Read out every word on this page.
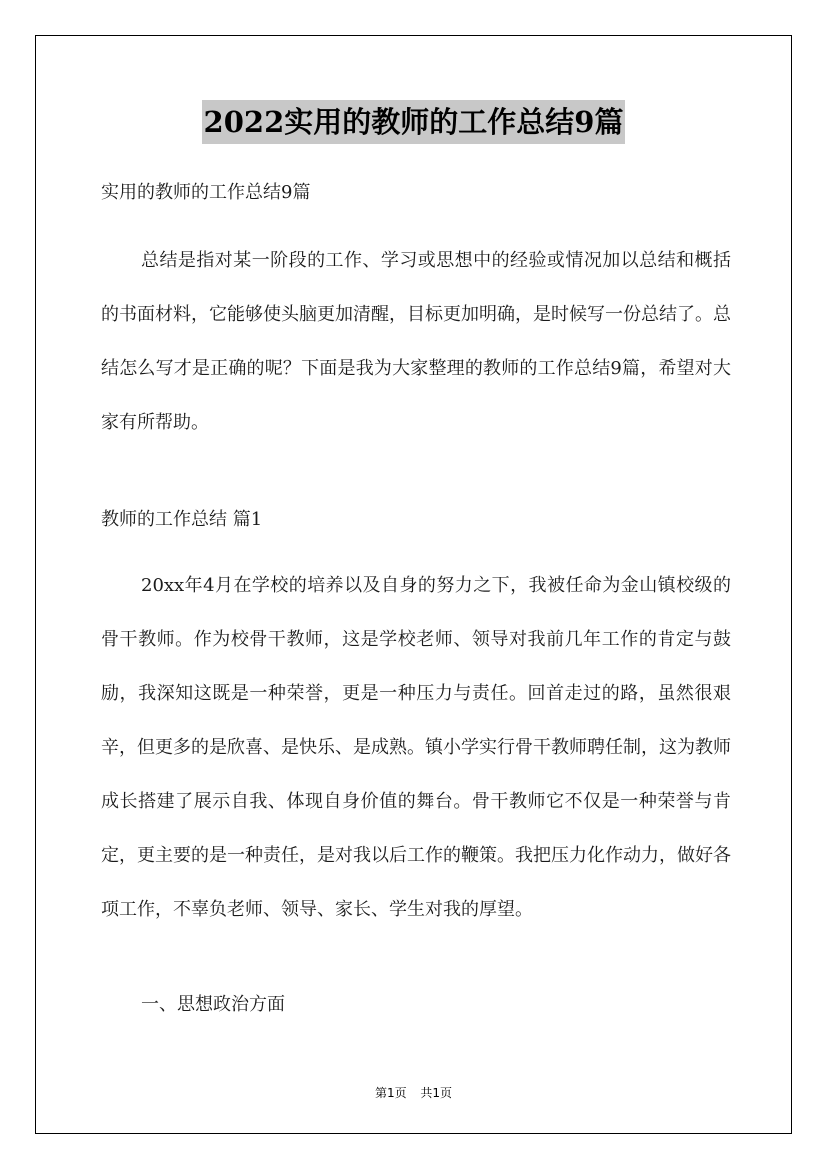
2022实用的教师的工作总结9篇

实用的教师的工作总结9篇

总结是指对某一阶段的工作、学习或思想中的经验或情况加以总结和概括的书面材料，它能够使头脑更加清醒，目标更加明确，是时候写一份总结了。总结怎么写才是正确的呢？下面是我为大家整理的教师的工作总结9篇，希望对大家有所帮助。

教师的工作总结 篇1

20xx年4月在学校的培养以及自身的努力之下，我被任命为金山镇校级的骨干教师。作为校骨干教师，这是学校老师、领导对我前几年工作的肯定与鼓励，我深知这既是一种荣誉，更是一种压力与责任。回首走过的路，虽然很艰辛，但更多的是欣喜、是快乐、是成熟。镇小学实行骨干教师聘任制，这为教师成长搭建了展示自我、体现自身价值的舞台。骨干教师它不仅是一种荣誉与肯定，更主要的是一种责任，是对我以后工作的鞭策。我把压力化作动力，做好各项工作，不辜负老师、领导、家长、学生对我的厚望。

一、思想政治方面

第1页 共1页
